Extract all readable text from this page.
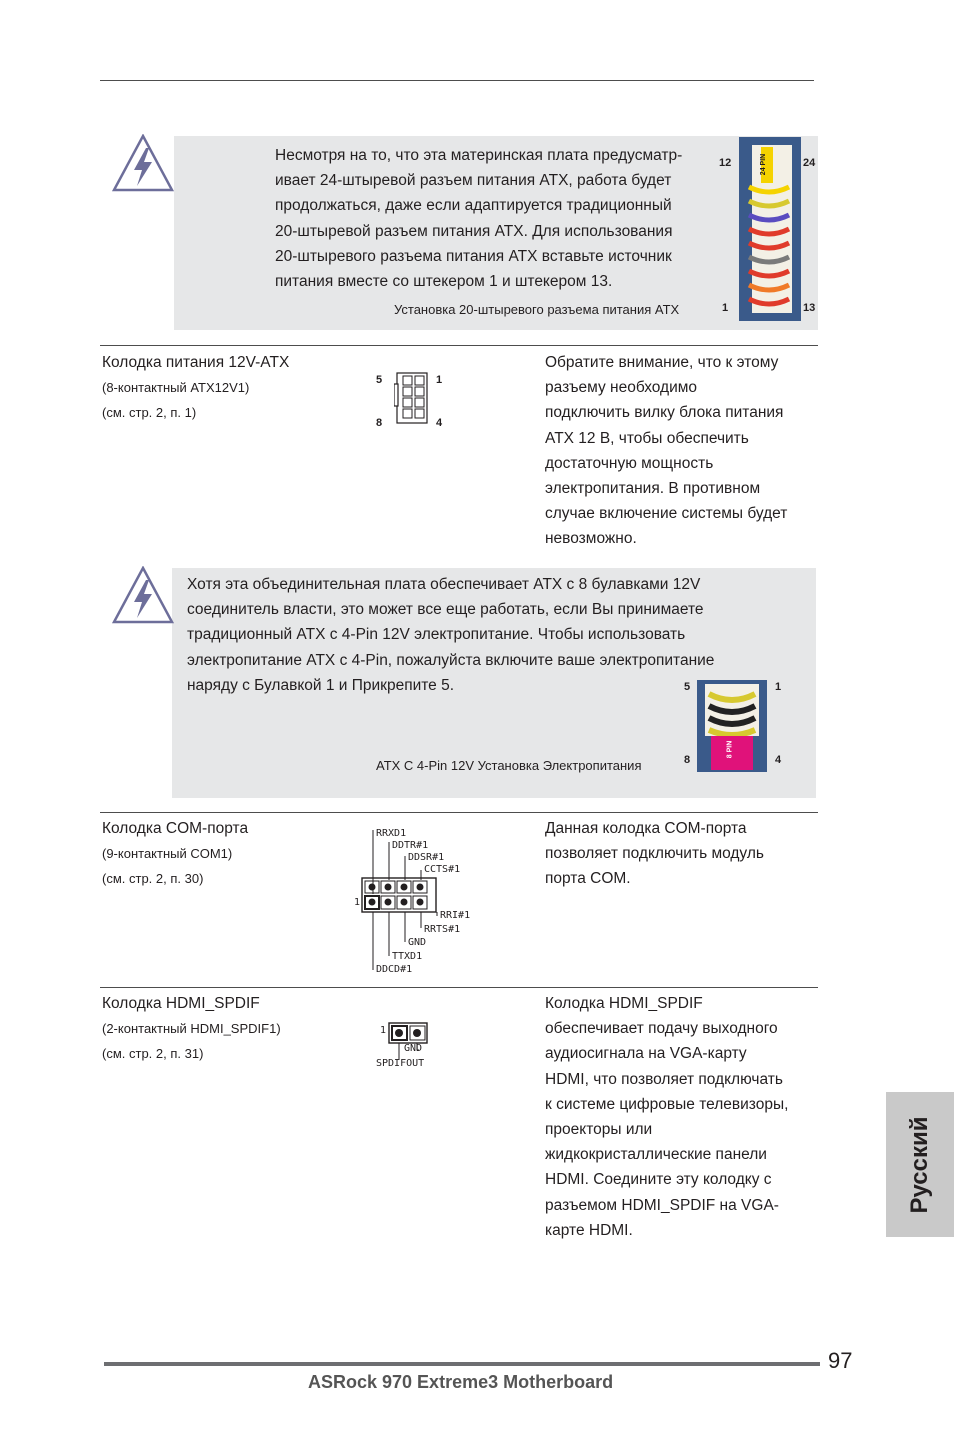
Несмотря на то, что эта материнская плата предусматр-
ивает 24-штыревой разъем питания ATX, работа будет
продолжаться, даже если адаптируется традиционный
20-штыревой разъем питания ATX. Для использования
20-штыревого разъема питания ATX вставьте источник
питания вместе со штекером 1 и штекером 13.
Установка 20-штыревого разъема питания ATX
24 PIN
12	24
1	13
Колодка питания 12V-ATX
(8-контактный ATX12V1)
(см. стр. 2, п. 1)
5	1
8	4
Обратите внимание, что к этому
разъему необходимо
подключить вилку блока питания
ATX 12 В, чтобы обеспечить
достаточную мощность
электропитания. В противном
случае включение системы будет
невозможно.
Хотя эта объединительная плата обеспечивает ATX с 8 булавками 12V
соединитель власти, это может все еще работать, если Вы принимаете
традиционный ATX с 4-Pin 12V электропитание. Чтобы использовать
электропитание ATX с 4-Pin, пожалуйста включите ваше электропитание
наряду с Булавкой 1 и Прикрепите 5.
ATX С 4-Pin 12V Установка Электропитания
8 PIN
5	1
8	4
Колодка COM-порта
(9-контактный COM1)
(см. стр. 2, п. 30)
RRXD1
DDTR#1
DDSR#1
CCTS#1
1
RRI#1
RRTS#1
GND
TTXD1
DDCD#1
Данная колодка COM-порта
позволяет подключить модуль
порта COM.
Колодка HDMI_SPDIF
(2-контактный HDMI_SPDIF1)
(см. стр. 2, п. 31)
1
GND
SPDIFOUT
Колодка HDMI_SPDIF
обеспечивает подачу выходного
аудиосигнала на VGA-карту
HDMI, что позволяет подключать
к системе цифровые телевизоры,
проекторы или
жидкокристаллические панели
HDMI. Соедините эту колодку с
разъемом HDMI_SPDIF на VGA-
карте HDMI.
Русский
97
ASRock 970 Extreme3 Motherboard
